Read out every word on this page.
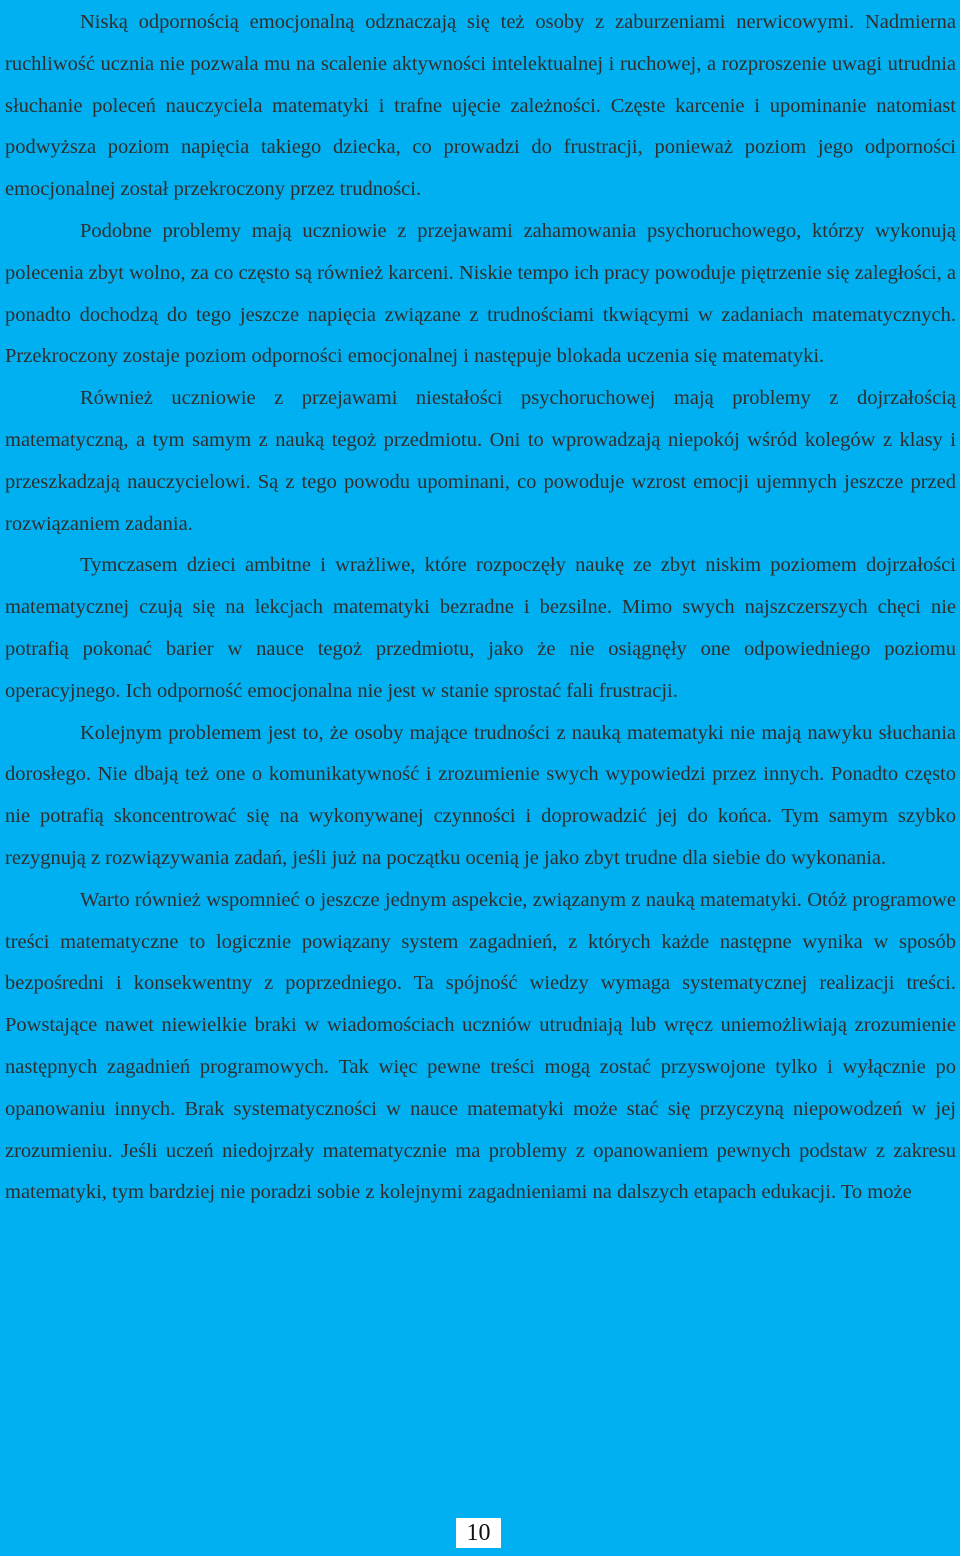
Niską odpornością emocjonalną odznaczają się też osoby z zaburzeniami nerwicowymi. Nadmierna ruchliwość ucznia nie pozwala mu na scalenie aktywności intelektualnej i ruchowej, a rozproszenie uwagi utrudnia słuchanie poleceń nauczyciela matematyki i trafne ujęcie zależności. Częste karcenie i upominanie natomiast podwyższa poziom napięcia takiego dziecka, co prowadzi do frustracji, ponieważ poziom jego odporności emocjonalnej został przekroczony przez trudności.

Podobne problemy mają uczniowie z przejawami zahamowania psychoruchowego, którzy wykonują polecenia zbyt wolno, za co często są również karceni. Niskie tempo ich pracy powoduje piętrzenie się zaległości, a ponadto dochodzą do tego jeszcze napięcia związane z trudnościami tkwiącymi w zadaniach matematycznych. Przekroczony zostaje poziom odporności emocjonalnej i następuje blokada uczenia się matematyki.

Również uczniowie z przejawami niestałości psychoruchowej mają problemy z dojrzałością matematyczną, a tym samym z nauką tegoż przedmiotu. Oni to wprowadzają niepokój wśród kolegów z klasy i przeszkadzają nauczycielowi. Są z tego powodu upominani, co powoduje wzrost emocji ujemnych jeszcze przed rozwiązaniem zadania.

Tymczasem dzieci ambitne i wrażliwe, które rozpoczęły naukę ze zbyt niskim poziomem dojrzałości matematycznej czują się na lekcjach matematyki bezradne i bezsilne. Mimo swych najszczerszych chęci nie potrafią pokonać barier w nauce tegoż przedmiotu, jako że nie osiągnęły one odpowiedniego poziomu operacyjnego. Ich odporność emocjonalna nie jest w stanie sprostać fali frustracji.

Kolejnym problemem jest to, że osoby mające trudności z nauką matematyki nie mają nawyku słuchania dorosłego. Nie dbają też one o komunikatywność i zrozumienie swych wypowiedzi przez innych. Ponadto często nie potrafią skoncentrować się na wykonywanej czynności i doprowadzić jej do końca. Tym samym szybko rezygnują z rozwiązywania zadań, jeśli już na początku ocenią je jako zbyt trudne dla siebie do wykonania.

Warto również wspomnieć o jeszcze jednym aspekcie, związanym z nauką matematyki. Otóż programowe treści matematyczne to logicznie powiązany system zagadnień, z których każde następne wynika w sposób bezpośredni i konsekwentny z poprzedniego. Ta spójność wiedzy wymaga systematycznej realizacji treści. Powstające nawet niewielkie braki w wiadomościach uczniów utrudniają lub wręcz uniemożliwiają zrozumienie następnych zagadnień programowych. Tak więc pewne treści mogą zostać przyswojone tylko i wyłącznie po opanowaniu innych. Brak systematyczności w nauce matematyki może stać się przyczyną niepowodzeń w jej zrozumieniu. Jeśli uczeń niedojrzały matematycznie ma problemy z opanowaniem pewnych podstaw z zakresu matematyki, tym bardziej nie poradzi sobie z kolejnymi zagadnieniami na dalszych etapach edukacji. To może

10
